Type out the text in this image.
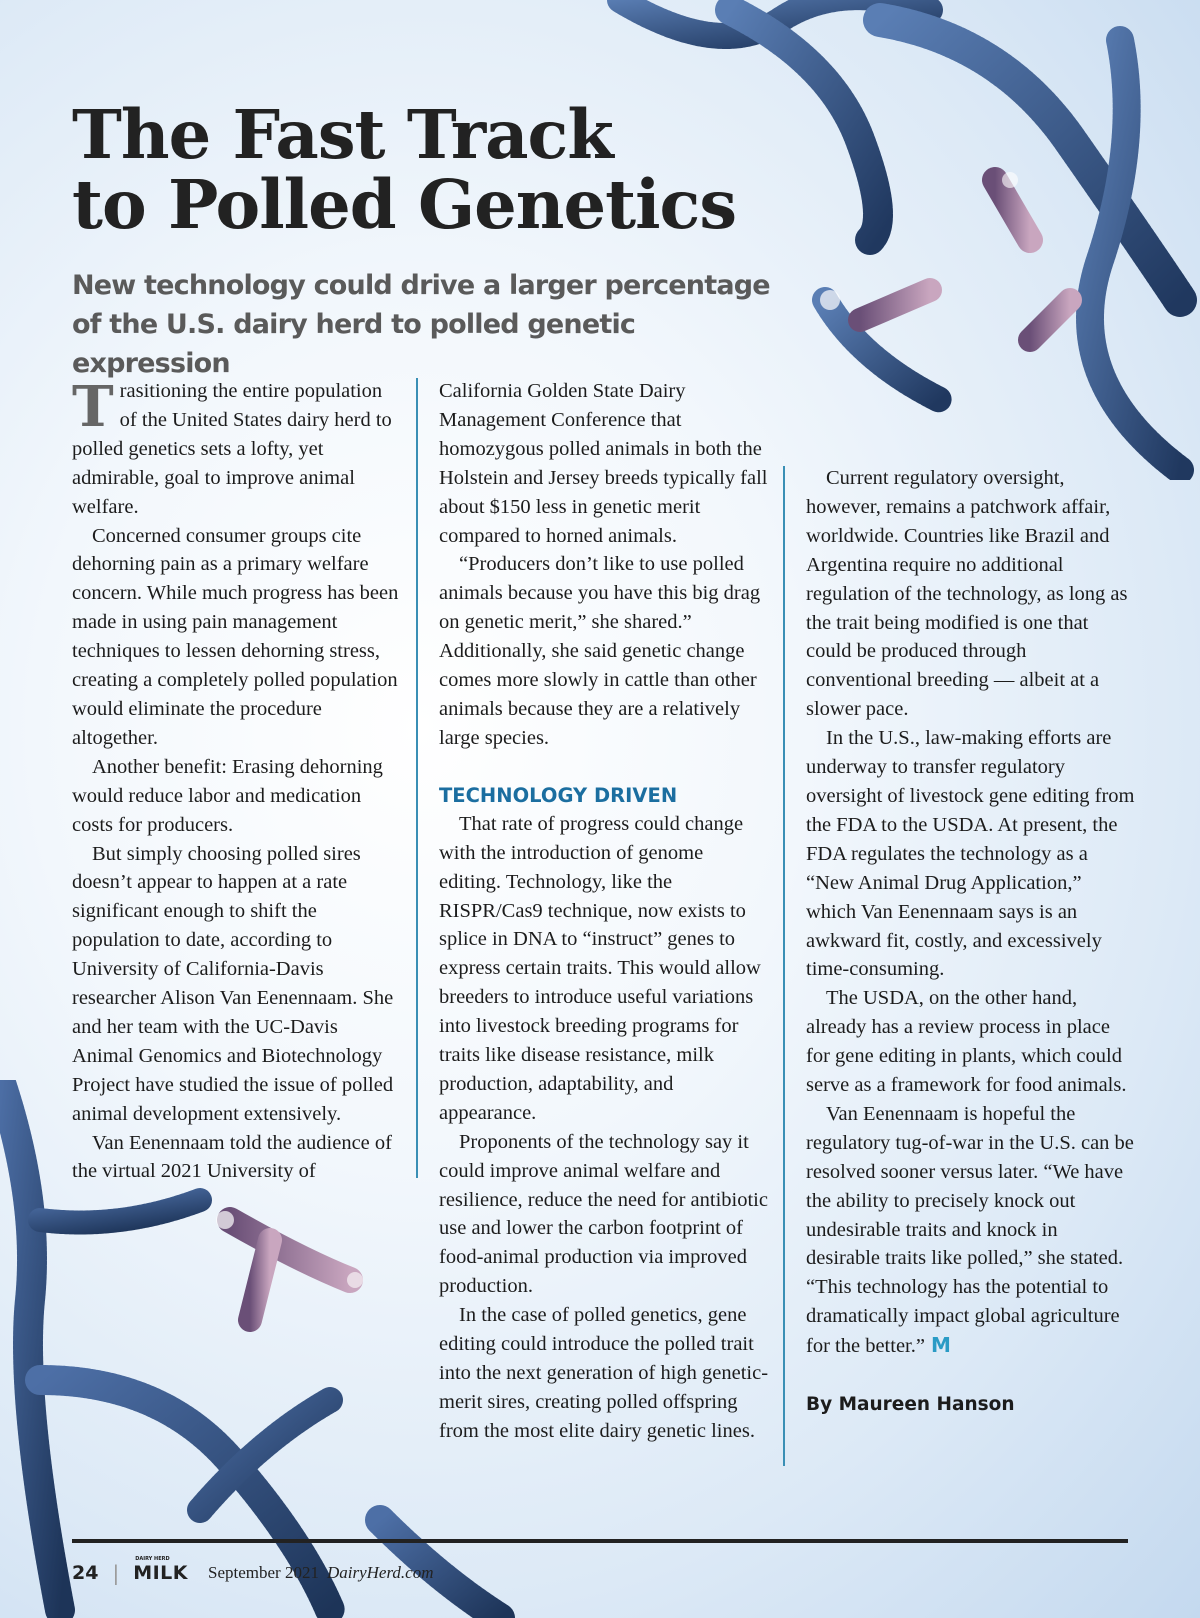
The Fast Track
to Polled Genetics

New technology could drive a larger percentage of the U.S. dairy herd to polled genetic expression

Trasitioning the entire population of the United States dairy herd to polled genetics sets a lofty, yet admirable, goal to improve animal welfare.

Concerned consumer groups cite dehorning pain as a primary welfare concern. While much progress has been made in using pain management techniques to lessen dehorning stress, creating a completely polled population would eliminate the procedure altogether.

Another benefit: Erasing dehorning would reduce labor and medication costs for producers.

But simply choosing polled sires doesn’t appear to happen at a rate significant enough to shift the population to date, according to University of California-Davis researcher Alison Van Eenennaam. She and her team with the UC-Davis Animal Genomics and Biotechnology Project have studied the issue of polled animal development extensively.

Van Eenennaam told the audience of the virtual 2021 University of

California Golden State Dairy Management Conference that homozygous polled animals in both the Holstein and Jersey breeds typically fall about $150 less in genetic merit compared to horned animals.

“Producers don’t like to use polled animals because you have this big drag on genetic merit,” she shared.” Additionally, she said genetic change comes more slowly in cattle than other animals because they are a relatively large species.

TECHNOLOGY DRIVEN

That rate of progress could change with the introduction of genome editing. Technology, like the RISPR/Cas9 technique, now exists to splice in DNA to “instruct” genes to express certain traits. This would allow breeders to introduce useful variations into livestock breeding programs for traits like disease resistance, milk production, adaptability, and appearance.

Proponents of the technology say it could improve animal welfare and resilience, reduce the need for antibiotic use and lower the carbon footprint of food-animal production via improved production.

In the case of polled genetics, gene editing could introduce the polled trait into the next generation of high genetic-merit sires, creating polled offspring from the most elite dairy genetic lines.

Current regulatory oversight, however, remains a patchwork affair, worldwide. Countries like Brazil and Argentina require no additional regulation of the technology, as long as the trait being modified is one that could be produced through conventional breeding — albeit at a slower pace.

In the U.S., law-making efforts are underway to transfer regulatory oversight of livestock gene editing from the FDA to the USDA. At present, the FDA regulates the technology as a “New Animal Drug Application,” which Van Eenennaam says is an awkward fit, costly, and excessively time-consuming.

The USDA, on the other hand, already has a review process in place for gene editing in plants, which could serve as a framework for food animals.

Van Eenennaam is hopeful the regulatory tug-of-war in the U.S. can be resolved sooner versus later. “We have the ability to precisely knock out undesirable traits and knock in desirable traits like polled,” she stated. “This technology has the potential to dramatically impact global agriculture for the better.” M

By Maureen Hanson

24 |
DAIRY HERD
MILK September 2021 DairyHerd.com
